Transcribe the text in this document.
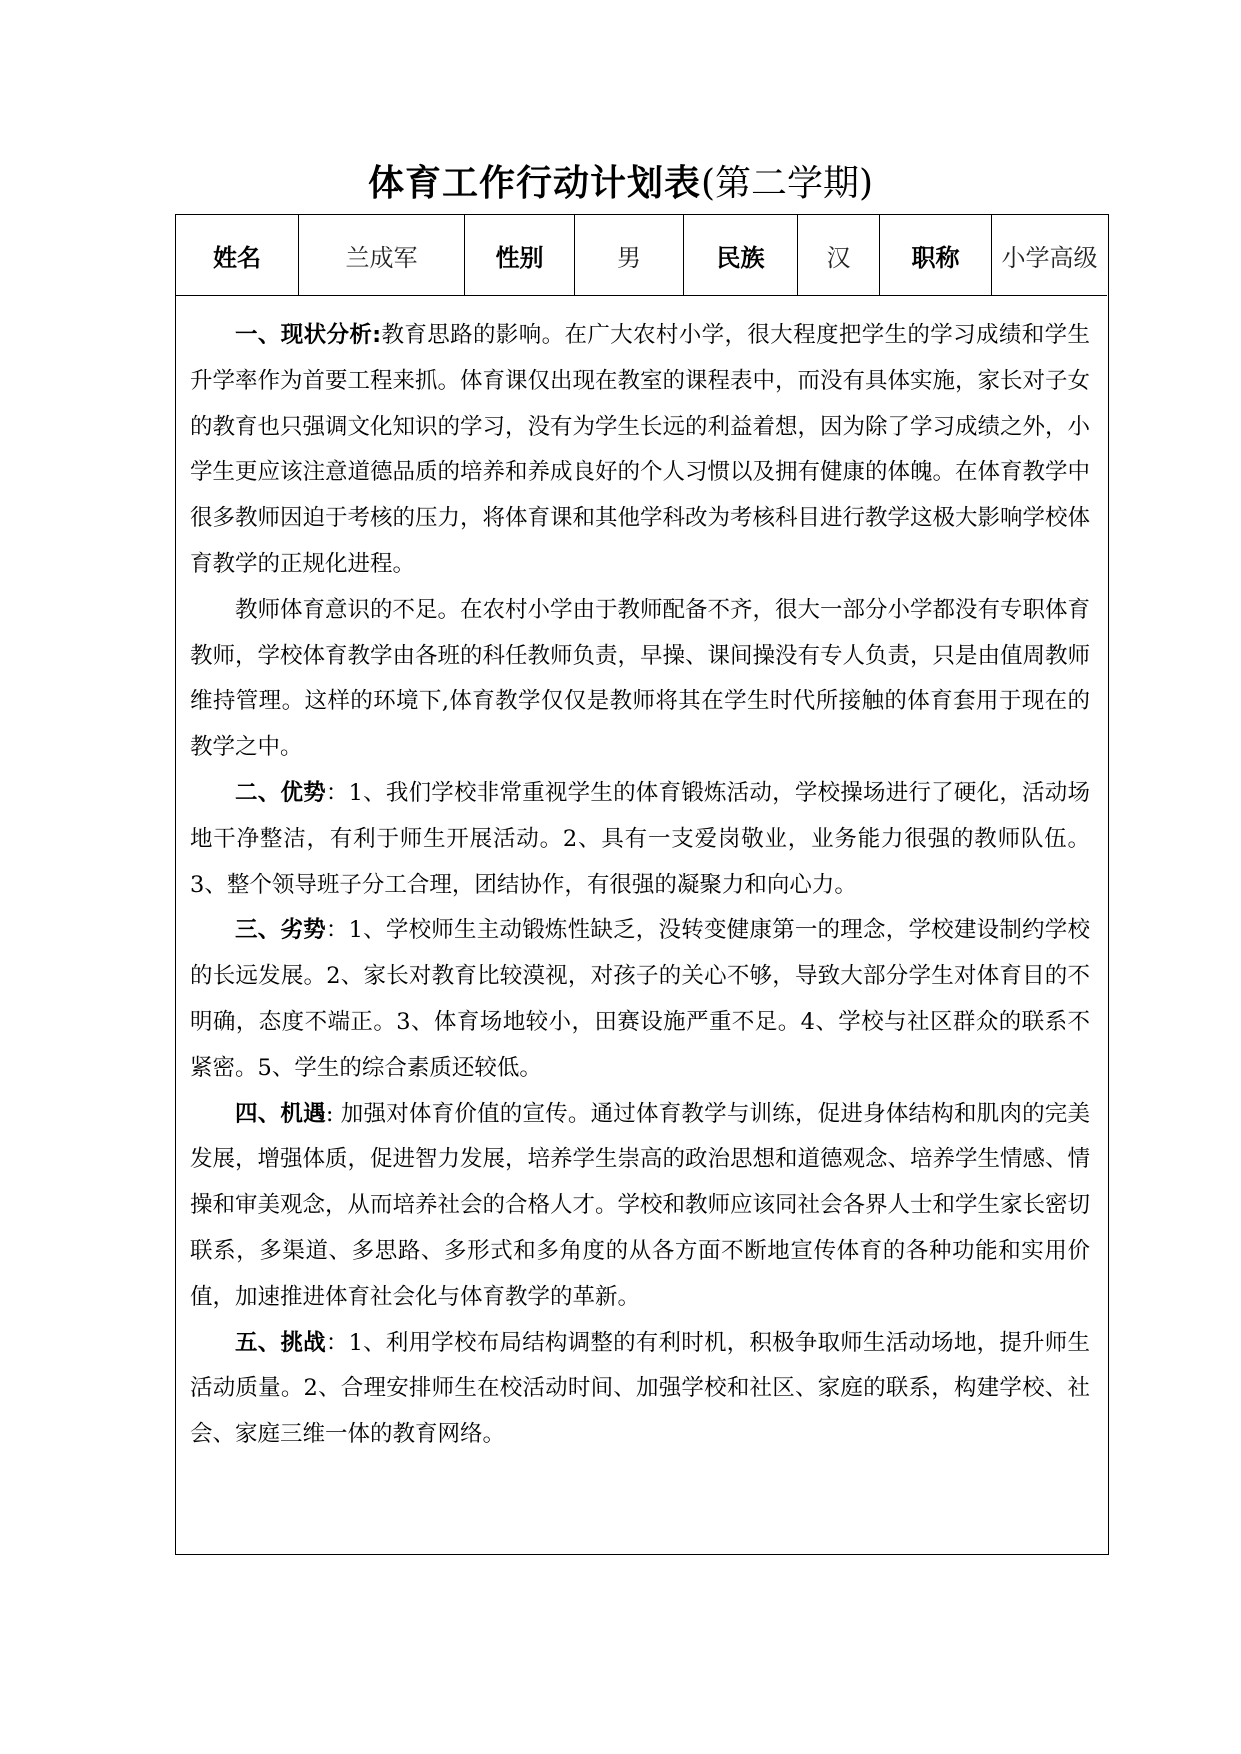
体育工作行动计划表(第二学期)
姓名	兰成军	性别	男	民族	汉	职称	小学高级

一、现状分析:教育思路的影响。在广大农村小学，很大程度把学生的学习成绩和学生升学率作为首要工程来抓。体育课仅出现在教室的课程表中，而没有具体实施，家长对子女的教育也只强调文化知识的学习，没有为学生长远的利益着想，因为除了学习成绩之外，小学生更应该注意道德品质的培养和养成良好的个人习惯以及拥有健康的体魄。在体育教学中很多教师因迫于考核的压力，将体育课和其他学科改为考核科目进行教学这极大影响学校体育教学的正规化进程。

教师体育意识的不足。在农村小学由于教师配备不齐，很大一部分小学都没有专职体育教师，学校体育教学由各班的科任教师负责，早操、课间操没有专人负责，只是由值周教师维持管理。这样的环境下,体育教学仅仅是教师将其在学生时代所接触的体育套用于现在的教学之中。

二、优势：1、我们学校非常重视学生的体育锻炼活动，学校操场进行了硬化，活动场地干净整洁，有利于师生开展活动。2、具有一支爱岗敬业，业务能力很强的教师队伍。3、整个领导班子分工合理，团结协作，有很强的凝聚力和向心力。

三、劣势：1、学校师生主动锻炼性缺乏，没转变健康第一的理念，学校建设制约学校的长远发展。2、家长对教育比较漠视，对孩子的关心不够，导致大部分学生对体育目的不明确，态度不端正。3、体育场地较小，田赛设施严重不足。4、学校与社区群众的联系不紧密。5、学生的综合素质还较低。

四、机遇: 加强对体育价值的宣传。通过体育教学与训练，促进身体结构和肌肉的完美发展，增强体质，促进智力发展，培养学生崇高的政治思想和道德观念、培养学生情感、情操和审美观念，从而培养社会的合格人才。学校和教师应该同社会各界人士和学生家长密切联系，多渠道、多思路、多形式和多角度的从各方面不断地宣传体育的各种功能和实用价值，加速推进体育社会化与体育教学的革新。

五、挑战：1、利用学校布局结构调整的有利时机，积极争取师生活动场地，提升师生活动质量。2、合理安排师生在校活动时间、加强学校和社区、家庭的联系，构建学校、社会、家庭三维一体的教育网络。
